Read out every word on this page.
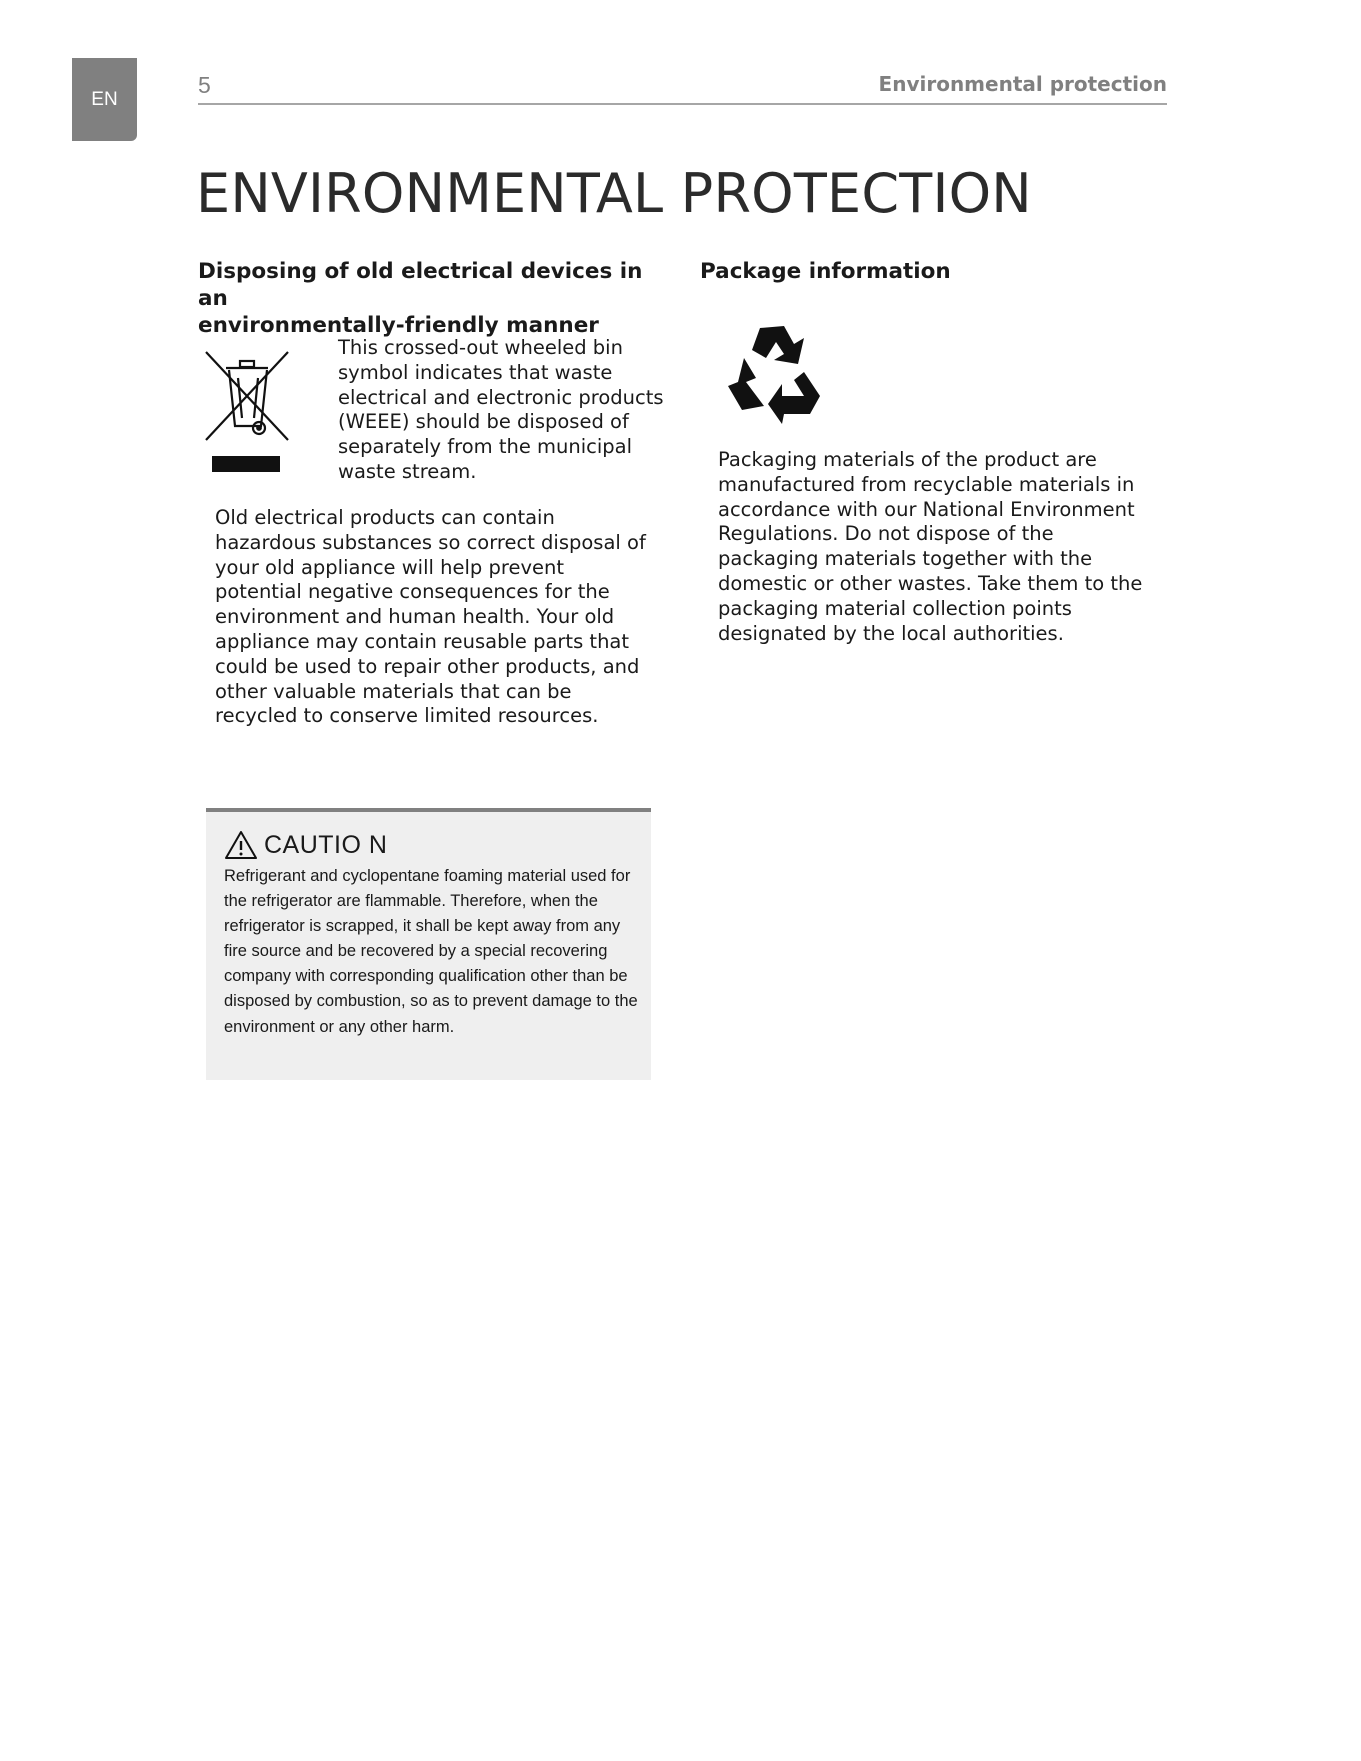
EN
5	Environmental protection
ENVIRONMENTAL PROTECTION
Disposing of old electrical devices in an
environmentally-friendly manner

This crossed-out wheeled bin symbol indicates that waste electrical and electronic products (WEEE) should be disposed of separately from the municipal waste stream.

Old electrical products can contain hazardous substances so correct disposal of your old appliance will help prevent potential negative consequences for the environment and human health. Your old appliance may contain reusable parts that could be used to repair other products, and other valuable materials that can be recycled to conserve limited resources.

CAUTIO N

Refrigerant and cyclopentane foaming material used for the refrigerator are flammable. Therefore, when the refrigerator is scrapped, it shall be kept away from any fire source and be recovered by a special recovering company with corresponding qualification other than be disposed by combustion, so as to prevent damage to the environment or any other harm.

Package information

Packaging materials of the product are manufactured from recyclable materials in accordance with our National Environment Regulations. Do not dispose of the packaging materials together with the domestic or other wastes. Take them to the packaging material collection points designated by the local authorities.
